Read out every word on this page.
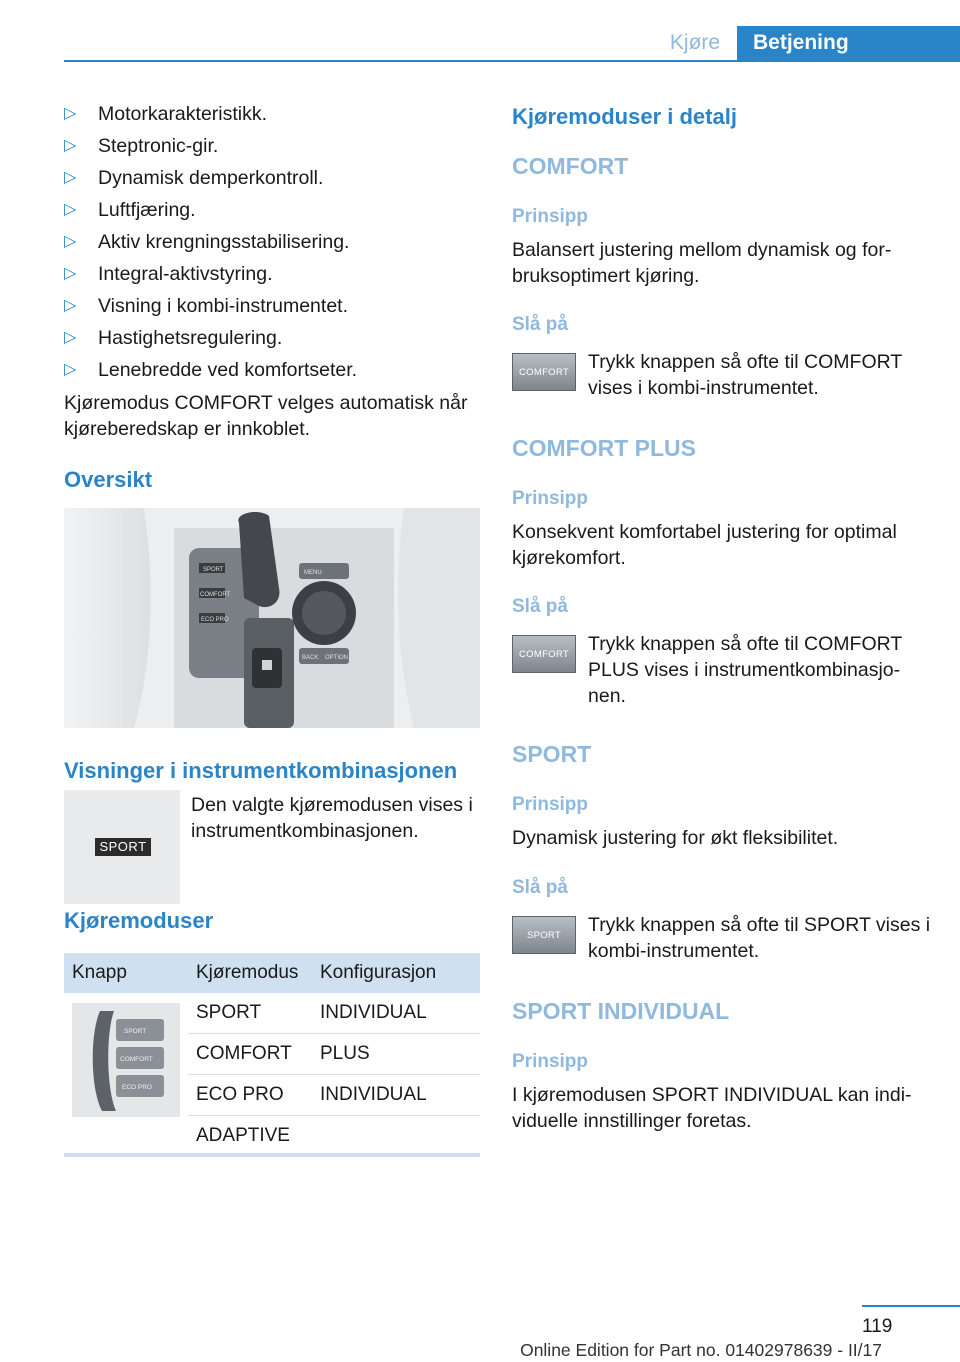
Kjøre	Betjening
▷ Motorkarakteristikk.
▷ Steptronic-gir.
▷ Dynamisk demperkontroll.
▷ Luftfjæring.
▷ Aktiv krengningsstabilisering.
▷ Integral-aktivstyring.
▷ Visning i kombi-instrumentet.
▷ Hastighetsregulering.
▷ Lenebredde ved komfortseter.
Kjøremodus COMFORT velges automatisk når kjøreberedskap er innkoblet.
Oversikt
SPORT
COMFORT
ECO PRO
MENU
BACK OPTION
Visninger i instrumentkombinasjonen
SPORT
Den valgte kjøremodusen vises i instrumentkombinasjonen.
Kjøremoduser
Knapp	Kjøremodus	Konfigurasjon
	SPORT	INDIVIDUAL
	COMFORT	PLUS
	ECO PRO	INDIVIDUAL
	ADAPTIVE	
SPORT
COMFORT
ECO PRO
Kjøremoduser i detalj
COMFORT
Prinsipp
Balansert justering mellom dynamisk og for-bruksoptimert kjøring.
Slå på
COMFORT Trykk knappen så ofte til COMFORT vises i kombi-instrumentet.
COMFORT PLUS
Prinsipp
Konsekvent komfortabel justering for optimal kjørekomfort.
Slå på
COMFORT Trykk knappen så ofte til COMFORT PLUS vises i instrumentkombinasjo-nen.
SPORT
Prinsipp
Dynamisk justering for økt fleksibilitet.
Slå på
SPORT	Trykk knappen så ofte til SPORT vises i kombi-instrumentet.
SPORT INDIVIDUAL
Prinsipp
I kjøremodusen SPORT INDIVIDUAL kan indi-viduelle innstillinger foretas.
119
Online Edition for Part no. 01402978639 - II/17
